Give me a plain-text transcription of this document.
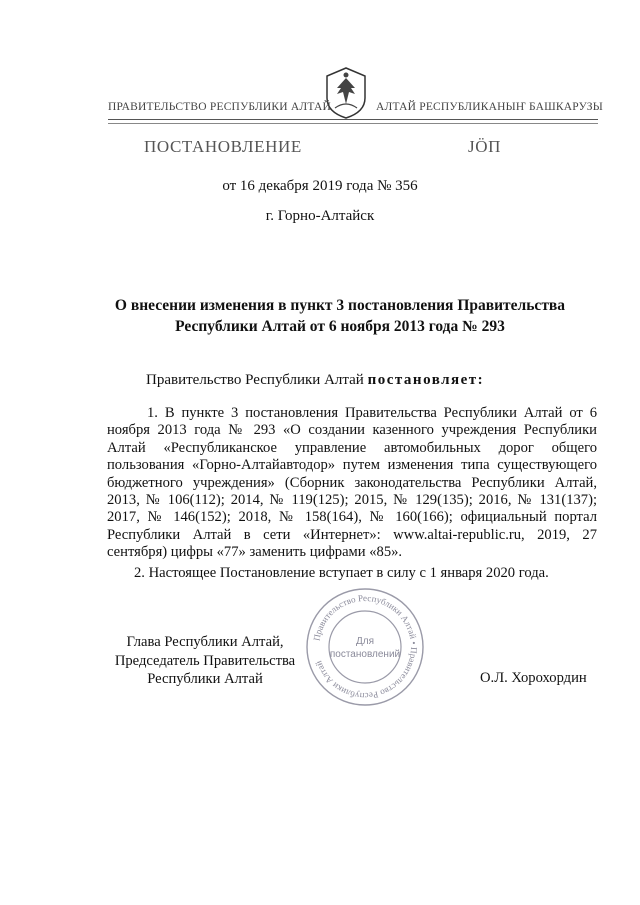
ПРАВИТЕЛЬСТВО РЕСПУБЛИКИ АЛТАЙ	АЛТАЙ РЕСПУБЛИКАНЫҤ БАШКАРУЗЫ
ПОСТАНОВЛЕНИЕ	ЈӦП
от 16 декабря 2019 года № 356
г. Горно-Алтайск
О внесении изменения в пункт 3 постановления Правительства
Республики Алтай от 6 ноября 2013 года № 293
Правительство Республики Алтай постановляет:
1. В пункте 3 постановления Правительства Республики Алтай от 6 ноября 2013 года № 293 «О создании казенного учреждения Республики Алтай «Республиканское управление автомобильных дорог общего пользования «Горно-Алтайавтодор» путем изменения типа существующего бюджетного учреждения» (Сборник законодательства Республики Алтай, 2013, № 106(112); 2014, № 119(125); 2015, № 129(135); 2016, № 131(137); 2017, № 146(152); 2018, № 158(164), № 160(166); официальный портал Республики Алтай в сети «Интернет»: www.altai-republic.ru, 2019, 27 сентября) цифры «77» заменить цифрами «85».
2. Настоящее Постановление вступает в силу с 1 января 2020 года.
Глава Республики Алтай,
Председатель Правительства
Республики Алтай	О.Л. Хорохордин
Правительство Республики Алтай • Правительство Республики Алтай
Для
постановлений
